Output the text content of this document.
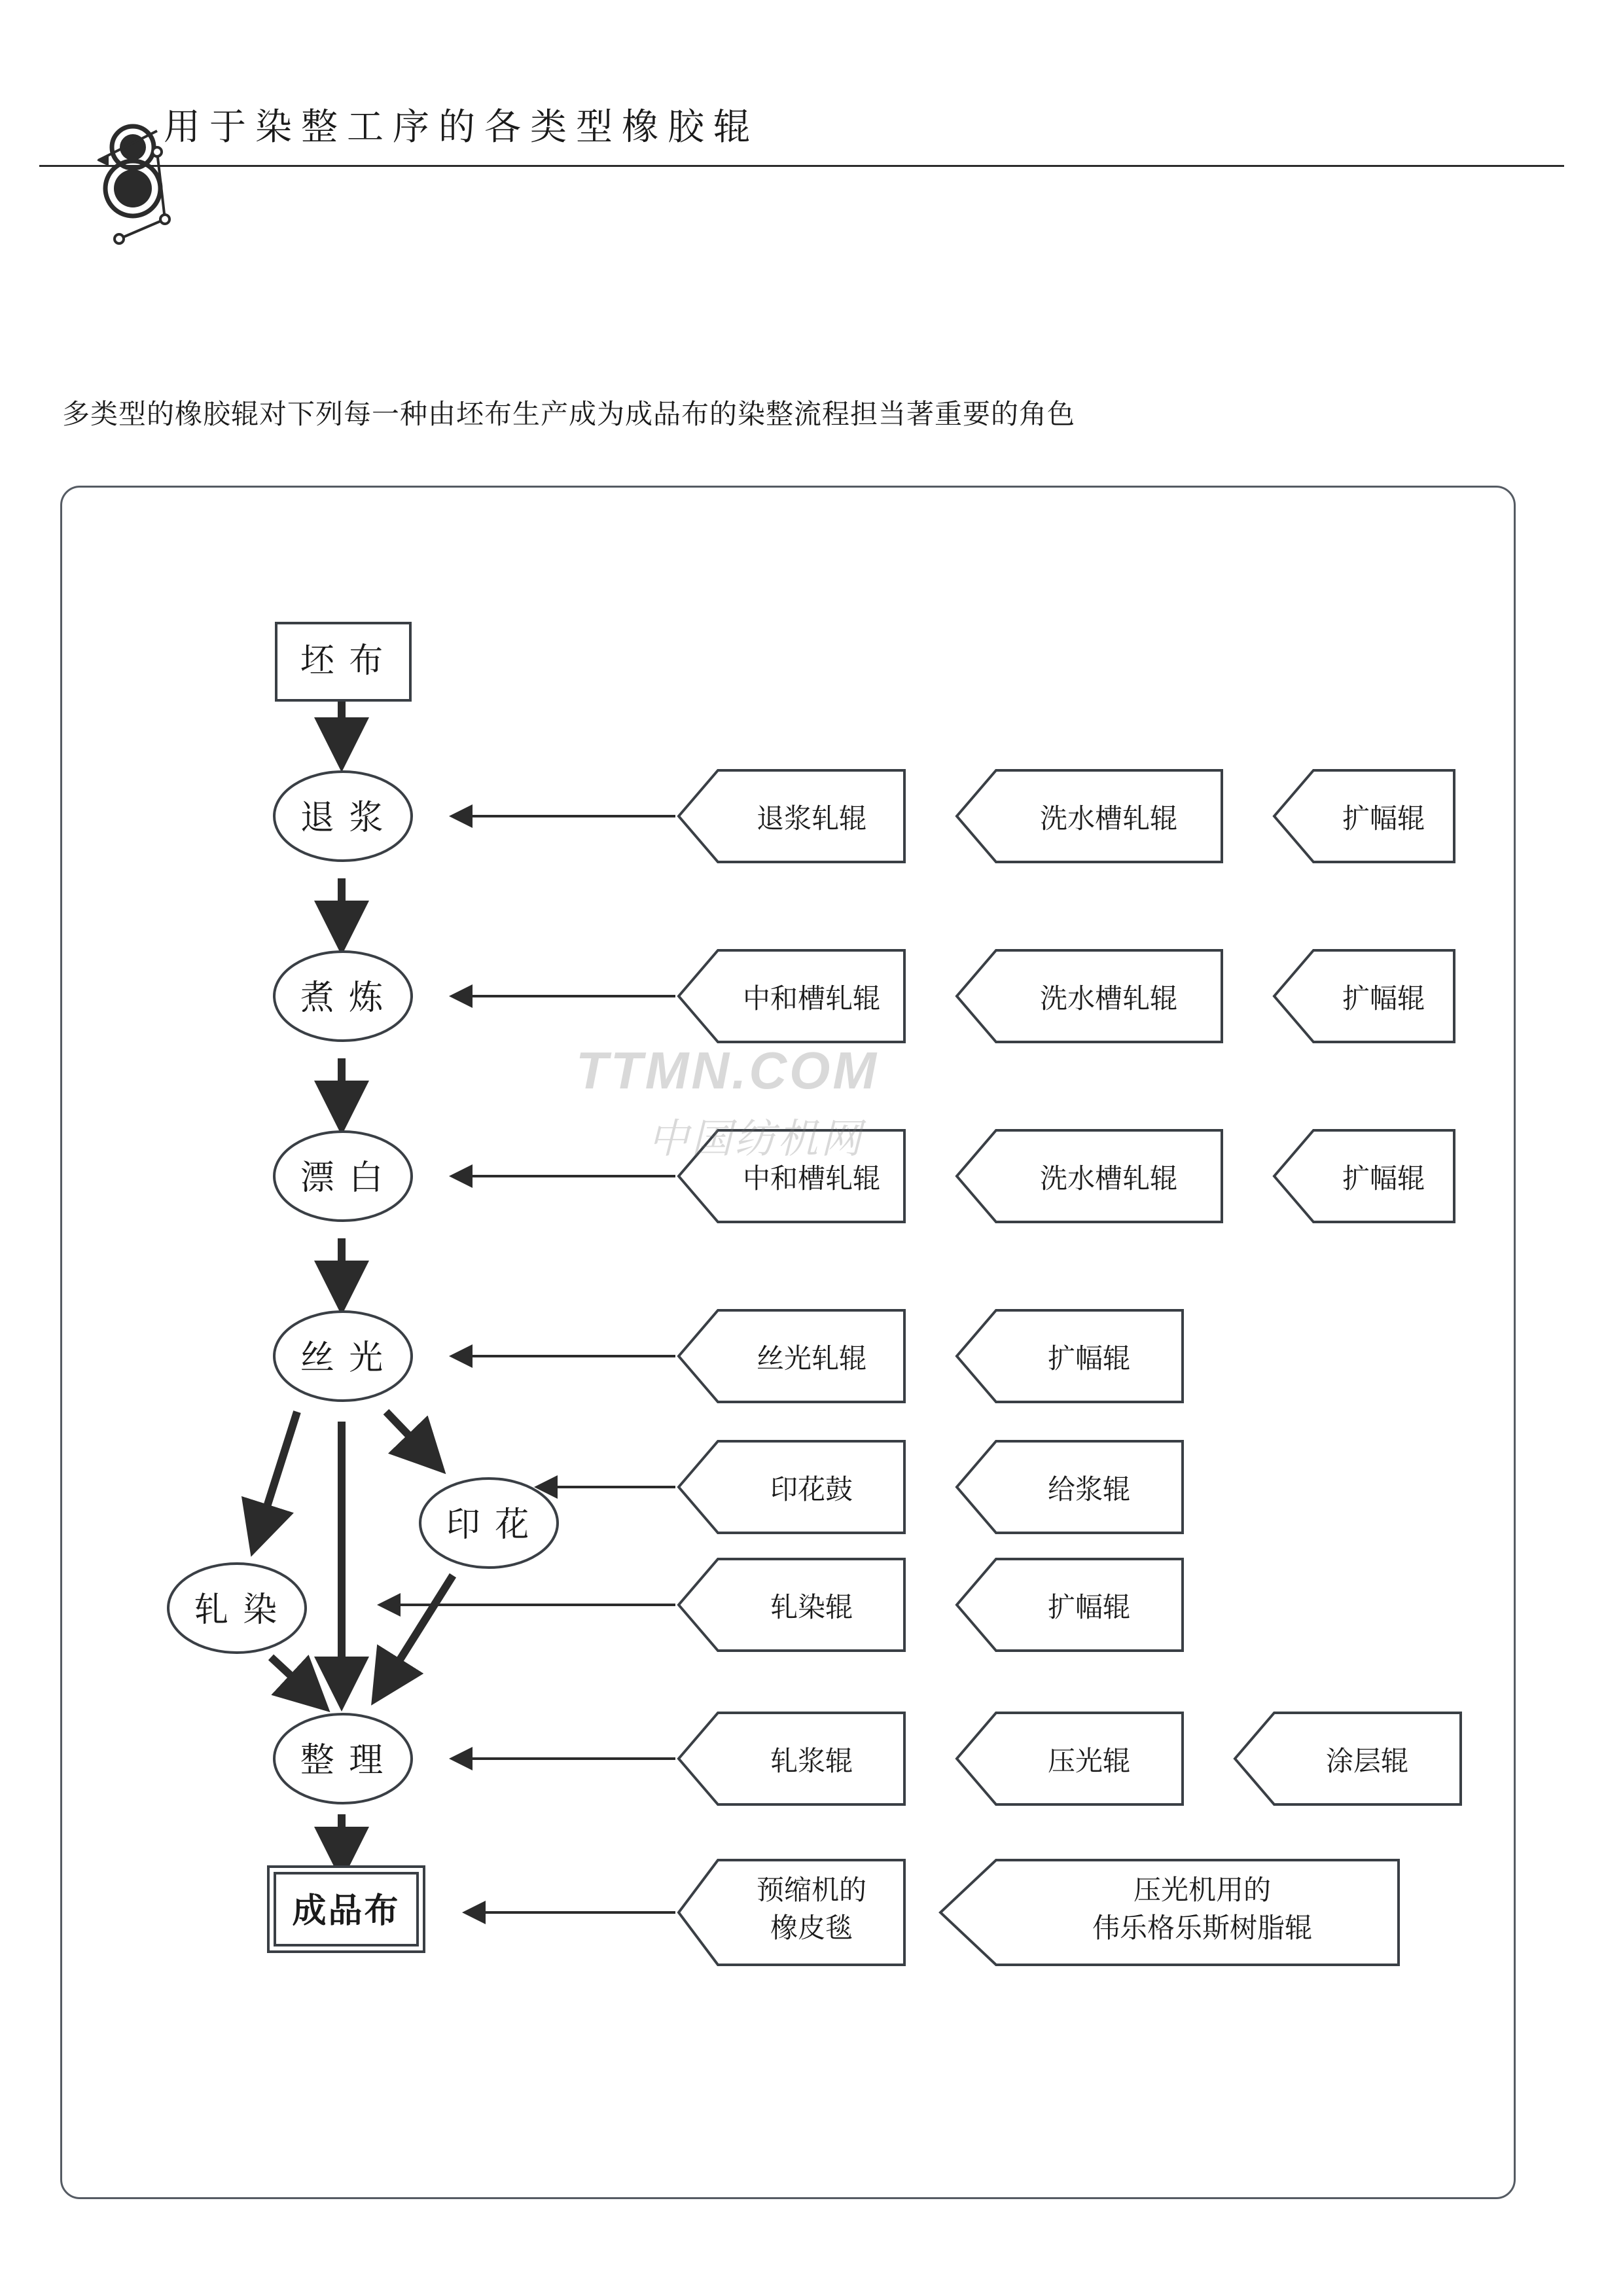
用于染整工序的各类型橡胶辊
多类型的橡胶辊对下列每一种由坯布生产成为成品布的染整流程担当著重要的角色
坯 布
退 浆
煮 炼
漂 白
丝 光
印 花
轧 染
整 理
成品布
退浆轧辊	洗水槽轧辊	扩幅辊
中和槽轧辊	洗水槽轧辊	扩幅辊
中和槽轧辊	洗水槽轧辊	扩幅辊
丝光轧辊	扩幅辊
印花鼓	给浆辊
轧染辊	扩幅辊
轧浆辊	压光辊	涂层辊
预缩机的
橡皮毯
压光机用的
伟乐格乐斯树脂辊
TTMN.COM
中国纺机网
